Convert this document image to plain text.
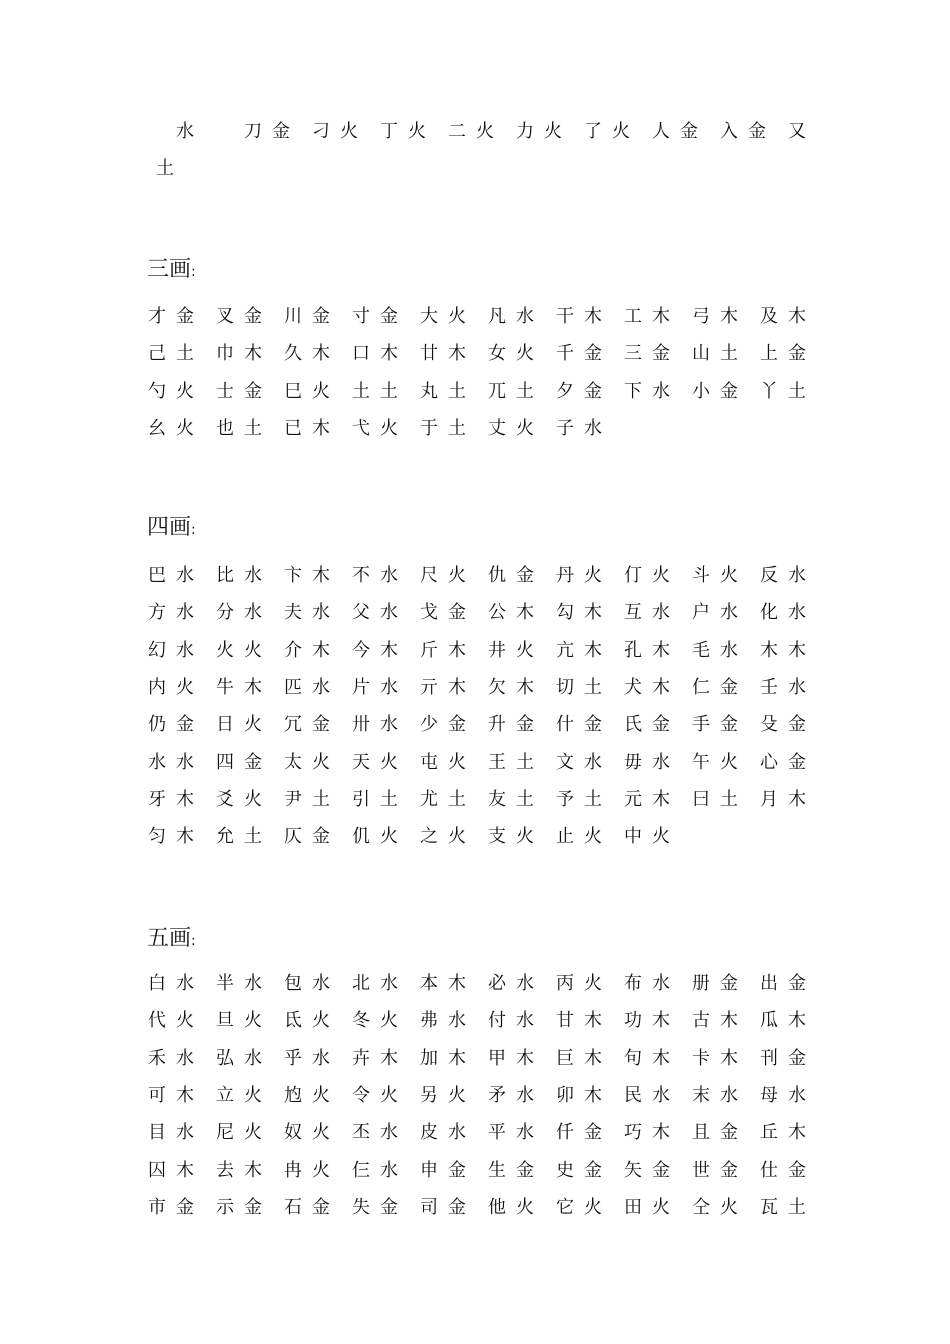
水	刀 金 刁 火 丁 火 二 火 力 火 了 火 人 金 入 金 又
土
三画:
才 金 叉 金 川 金 寸 金 大 火 凡 水 干 木 工 木 弓 木 及 木
己 土 巾 木 久 木 口 木 廿 木 女 火 千 金 三 金 山 土 上 金
勺 火 士 金 巳 火 土 土 丸 土 兀 土 夕 金 下 水 小 金 丫 土
幺 火 也 土 已 木 弋 火 于 土 丈 火 子 水
四画:
巴 水 比 水 卞 木 不 水 尺 火 仇 金 丹 火 仃 火 斗 火 反 水
方 水 分 水 夫 水 父 水 戈 金 公 木 勾 木 互 水 户 水 化 水
幻 水 火 火 介 木 今 木 斤 木 井 火 亢 木 孔 木 毛 水 木 木
内 火 牛 木 匹 水 片 水 亓 木 欠 木 切 土 犬 木 仁 金 壬 水
仍 金 日 火 冗 金 卅 水 少 金 升 金 什 金 氏 金 手 金 殳 金
水 水 四 金 太 火 天 火 屯 火 王 土 文 水 毋 水 午 火 心 金
牙 木 爻 火 尹 土 引 土 尤 土 友 土 予 土 元 木 曰 土 月 木
匀 木 允 土 仄 金 仉 火 之 火 支 火 止 火 中 火
五画:
白 水 半 水 包 水 北 水 本 木 必 水 丙 火 布 水 册 金 出 金
代 火 旦 火 氐 火 冬 火 弗 水 付 水 甘 木 功 木 古 木 瓜 木
禾 水 弘 水 乎 水 卉 木 加 木 甲 木 巨 木 句 木 卡 木 刊 金
可 木 立 火 尥 火 令 火 另 火 矛 水 卯 木 民 水 末 水 母 水
目 水 尼 火 奴 火 丕 水 皮 水 平 水 仟 金 巧 木 且 金 丘 木
囚 木 去 木 冉 火 仨 水 申 金 生 金 史 金 矢 金 世 金 仕 金
市 金 示 金 石 金 失 金 司 金 他 火 它 火 田 火 仝 火 瓦 土
